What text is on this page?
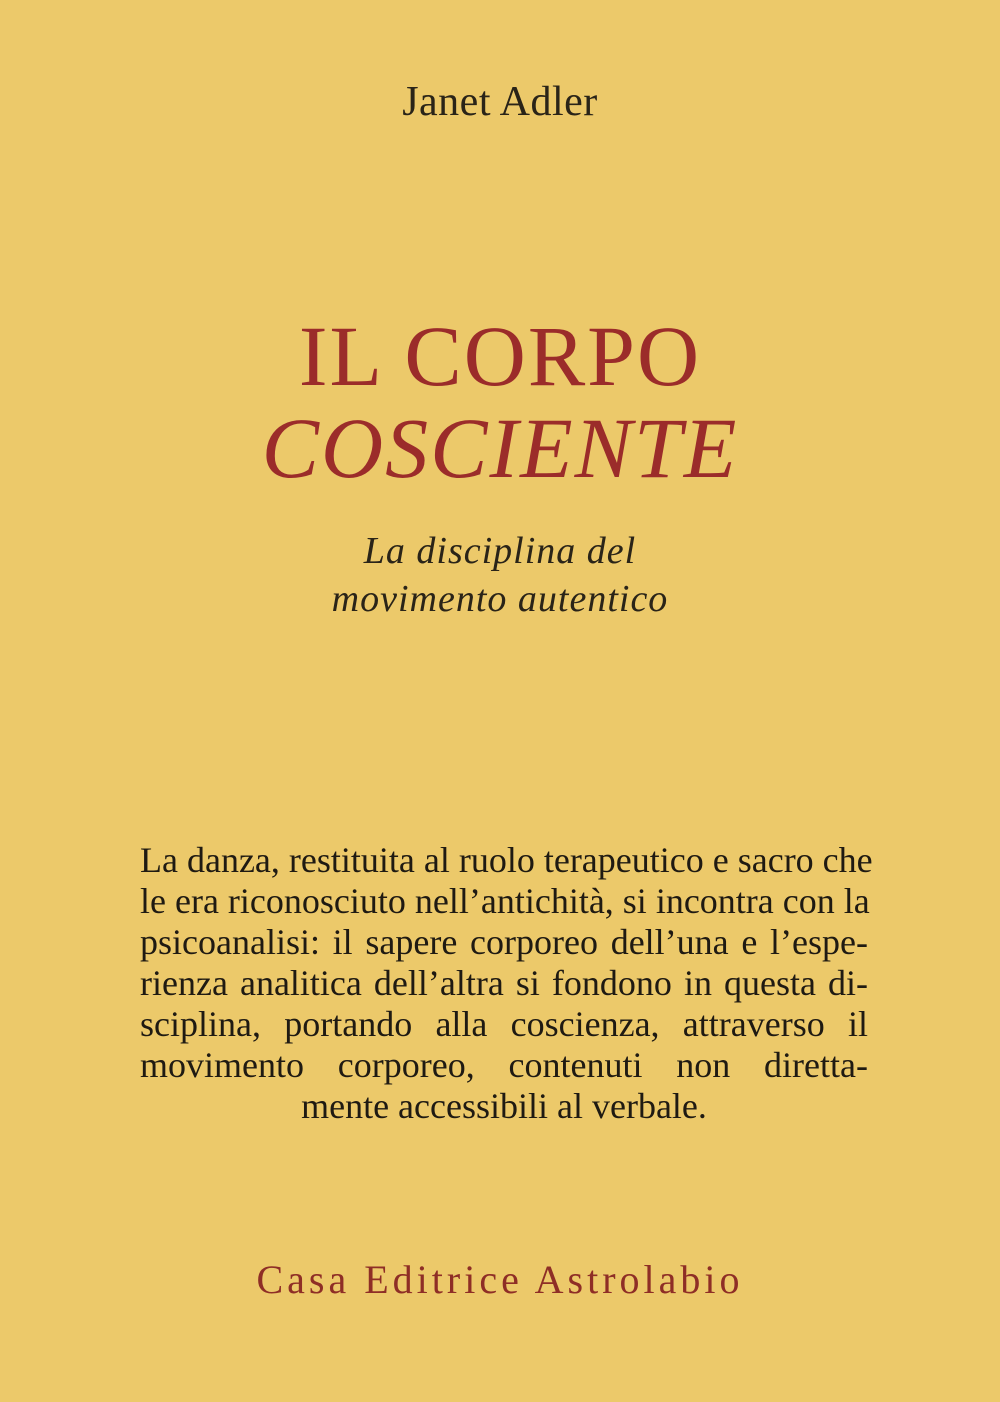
Janet Adler
IL CORPO
COSCIENTE
La disciplina del
movimento autentico
La danza, restituita al ruolo terapeutico e sacro che
le era riconosciuto nell’antichità, si incontra con la
psicoanalisi: il sapere corporeo dell’una e l’espe-
rienza analitica dell’altra si fondono in questa di-
sciplina, portando alla coscienza, attraverso il
movimento corporeo, contenuti non diretta-
mente accessibili al verbale.
Casa Editrice Astrolabio
